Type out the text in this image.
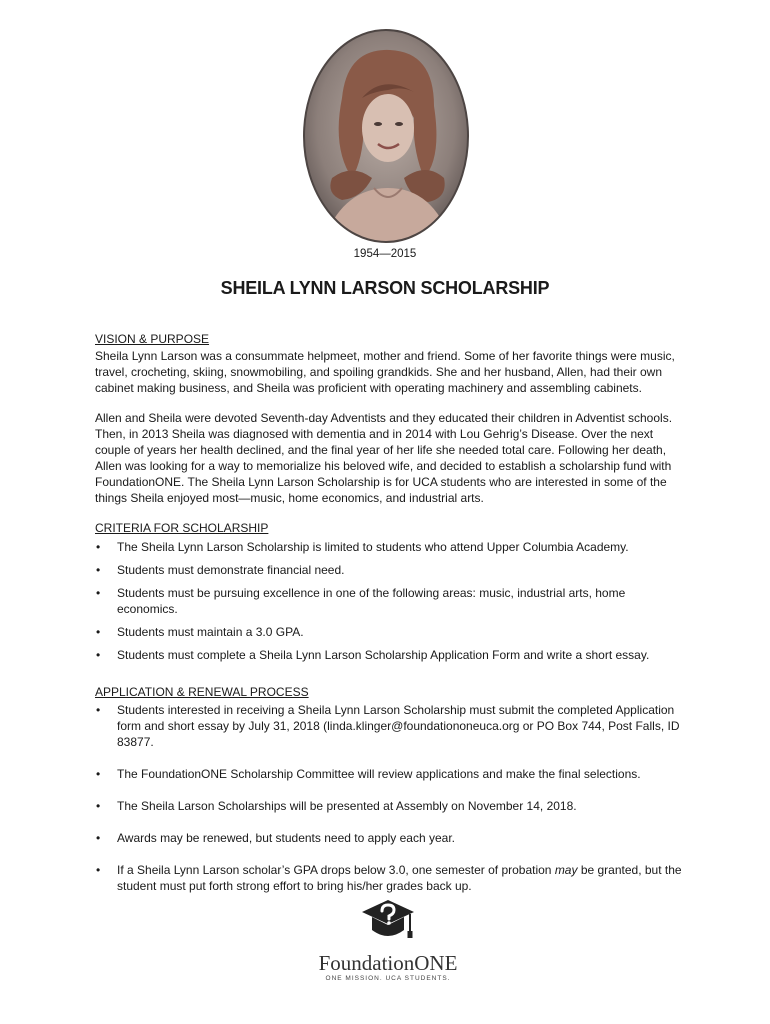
1954—2015
SHEILA LYNN LARSON SCHOLARSHIP
VISION & PURPOSE

Sheila Lynn Larson was a consummate helpmeet, mother and friend. Some of her favorite things were music, travel, crocheting, skiing, snowmobiling, and spoiling grandkids. She and her husband, Allen, had their own cabinet making business, and Sheila was proficient with operating machinery and assembling cabinets.

Allen and Sheila were devoted Seventh-day Adventists and they educated their children in Adventist schools. Then, in 2013 Sheila was diagnosed with dementia and in 2014 with Lou Gehrig’s Disease. Over the next couple of years her health declined, and the final year of her life she needed total care. Following her death, Allen was looking for a way to memorialize his beloved wife, and decided to establish a scholarship fund with FoundationONE. The Sheila Lynn Larson Scholarship is for UCA students who are interested in some of the things Sheila enjoyed most—music, home economics, and industrial arts.

CRITERIA FOR SCHOLARSHIP
• The Sheila Lynn Larson Scholarship is limited to students who attend Upper Columbia Academy.
• Students must demonstrate financial need.
• Students must be pursuing excellence in one of the following areas: music, industrial arts, home economics.
• Students must maintain a 3.0 GPA.
• Students must complete a Sheila Lynn Larson Scholarship Application Form and write a short essay.
APPLICATION & RENEWAL PROCESS
• Students interested in receiving a Sheila Lynn Larson Scholarship must submit the completed Application form and short essay by July 31, 2018 (linda.klinger@foundationoneuca.org or PO Box 744, Post Falls, ID 83877.
• The FoundationONE Scholarship Committee will review applications and make the final selections.
• The Sheila Larson Scholarships will be presented at Assembly on November 14, 2018.
• Awards may be renewed, but students need to apply each year.
• If a Sheila Lynn Larson scholar’s GPA drops below 3.0, one semester of probation may be granted, but the student must put forth strong effort to bring his/her grades back up.
FoundationONE
ONE MISSION. UCA STUDENTS.
